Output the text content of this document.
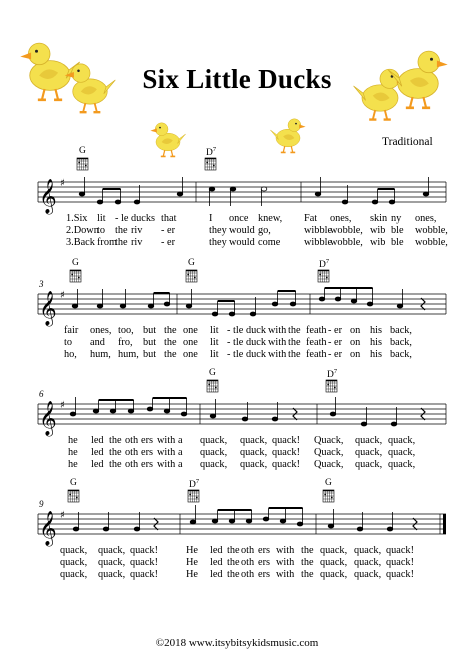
𝄞
𝄞
𝄞
𝄞
♯
♯
♯
♯
Six Little Ducks
Traditional
G	$D^7$
G	G	$D^7$
G	$D^7$
G	$D^7$	G
3
6
9
1.Six lit - le ducks that	I once knew, Fat ones, skin ny ones,
2.Down
to the riv - er	they would go,	wibble
wobble, wib ble wobble,
3.Back from
the riv - er	they would come wibble
wobble, wib ble wobble,
fair ones, too, but the one lit - tle duck with the feath - er on his back,
to and fro, but the one lit - tle duck with the feath - er on his back,
ho, hum, hum, but the one lit - tle duck with the feath - er on his back,
he led the oth ers with a quack, quack, quack! Quack, quack, quack,
he led the oth ers with a quack, quack, quack! Quack, quack, quack,
he led the oth ers with a quack, quack, quack! Quack, quack, quack,
quack, quack, quack!	He led the oth ers with the quack, quack, quack!
quack, quack, quack!	He led the oth ers with the quack, quack, quack!
quack, quack, quack!	He led the oth ers with the quack, quack, quack!
©2018 www.itsybitsykidsmusic.com
